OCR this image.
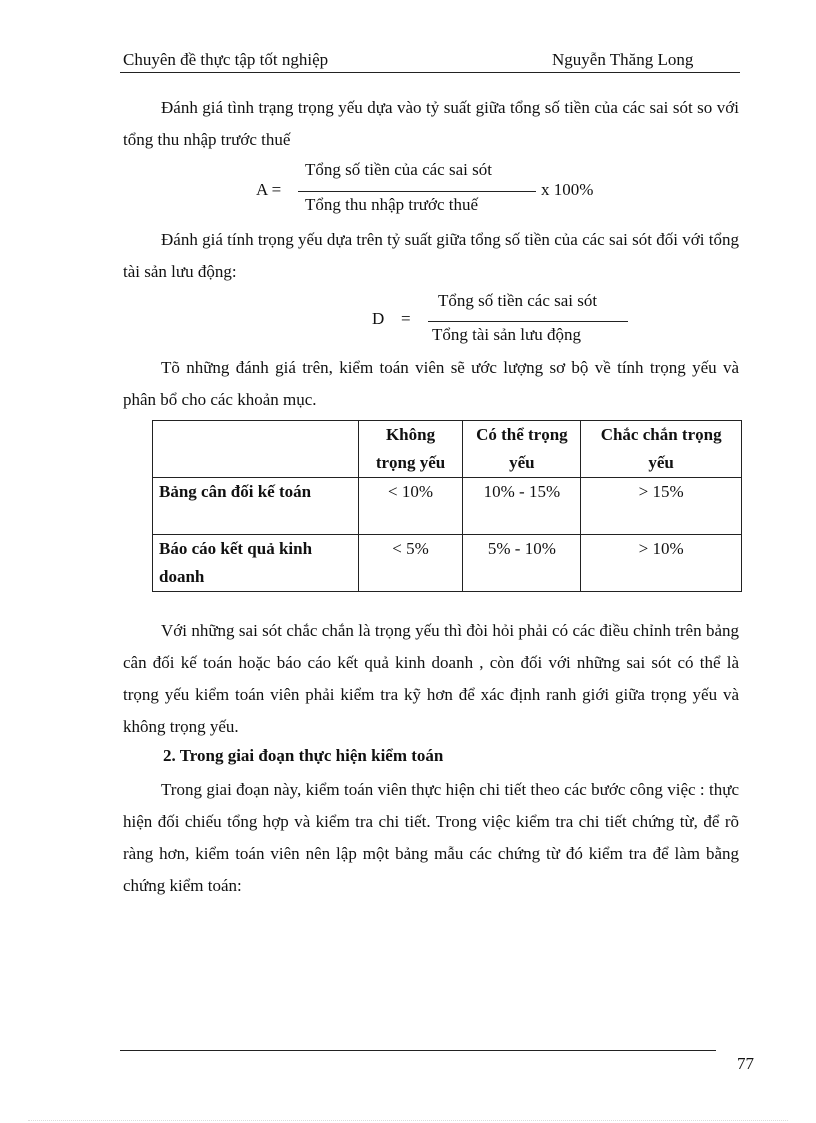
Chuyên đề thực tập tốt nghiệp	Nguyễn Thăng Long
Đánh giá tình trạng trọng yếu dựa vào tỷ suất giữa tổng số tiền của các sai sót so với tổng thu nhập trước thuế
A =
Tổng số tiền của các sai sót
Tổng thu nhập trước thuế
x 100%
Đánh giá tính trọng yếu dựa trên tỷ suất giữa tổng số tiền của các sai sót đối với tổng tài sản lưu động:
D =
Tổng số tiền các sai sót
Tổng tài sản lưu động
Tõ những đánh giá trên, kiểm toán viên sẽ ước lượng sơ bộ về tính trọng yếu và phân bổ cho các khoản mục.
	Không trọng yếu	Có thể trọng yếu	Chắc chắn trọng yếu
Bảng cân đối kế toán	< 10%	10% - 15%	> 15%
Báo cáo kết quả kinh doanh	< 5%	5% - 10%	> 10%
Với những sai sót chắc chắn là trọng yếu thì đòi hỏi phải có các điều chỉnh trên bảng cân đối kế toán hoặc báo cáo kết quả kinh doanh , còn đối với những sai sót có thể là trọng yếu kiểm toán viên phải kiểm tra kỹ hơn để xác định ranh giới giữa trọng yếu và không trọng yếu.
2. Trong giai đoạn thực hiện kiểm toán
Trong giai đoạn này, kiểm toán viên thực hiện chi tiết theo các bước công việc : thực hiện đối chiếu tổng hợp và kiểm tra chi tiết. Trong việc kiểm tra chi tiết chứng từ, để rõ ràng hơn, kiểm toán viên nên lập một bảng mẫu các chứng từ đó kiểm tra để làm bằng chứng kiểm toán:
77
